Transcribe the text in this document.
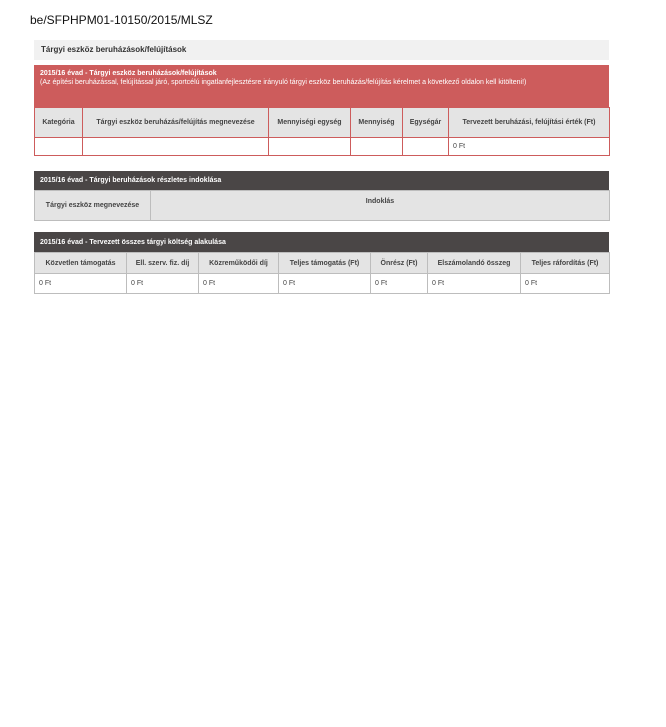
be/SFPHPM01-10150/2015/MLSZ
Tárgyi eszköz beruházások/felújítások
2015/16 évad - Tárgyi eszköz beruházások/felújítások
(Az építési beruházással, felújítással járó, sportcélú ingatlanfejlesztésre irányuló tárgyi eszköz beruházás/felújítás kérelmet a következő oldalon kell kitölteni!)
Kategória	Tárgyi eszköz beruházás/felújítás megnevezése	Mennyiségi egység	Mennyiség	Egységár	Tervezett beruházási, felújítási érték (Ft)
					0 Ft
2015/16 évad - Tárgyi beruházások részletes indoklása
Tárgyi eszköz megnevezése	Indoklás
2015/16 évad - Tervezett összes tárgyi költség alakulása
Közvetlen támogatás	Ell. szerv. fiz. díj	Közreműködői díj	Teljes támogatás (Ft)	Önrész (Ft)	Elszámolandó összeg	Teljes ráfordítás (Ft)
0 Ft	0 Ft	0 Ft	0 Ft	0 Ft	0 Ft	0 Ft
